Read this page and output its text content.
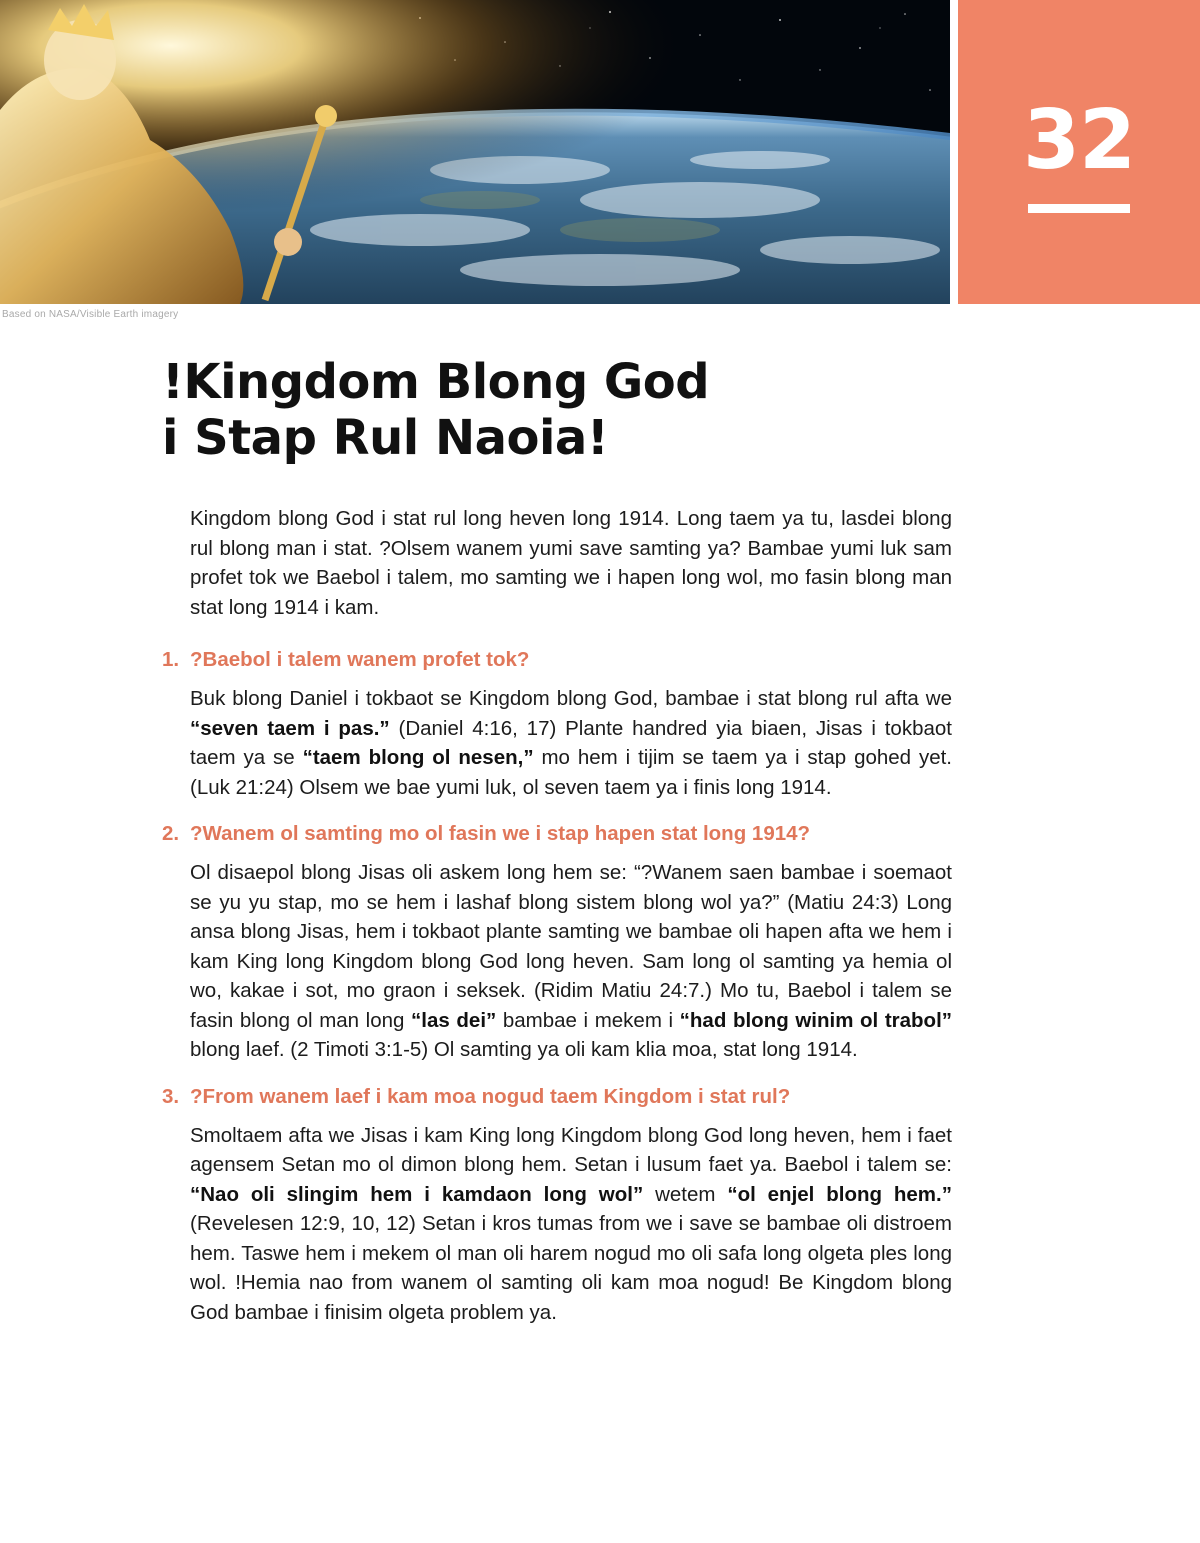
Based on NASA/Visible Earth imagery
32
!Kingdom Blong God
i Stap Rul Naoia!

Kingdom blong God i stat rul long heven long 1914. Long taem ya tu, lasdei blong rul blong man i stat. ?Olsem wanem yumi save samting ya? Bambae yumi luk sam profet tok we Baebol i talem, mo samting we i hapen long wol, mo fasin blong man stat long 1914 i kam.

1. ?Baebol i talem wanem profet tok?

Buk blong Daniel i tokbaot se Kingdom blong God, bambae i stat blong rul afta we “seven taem i pas.” (Daniel 4:16, 17) Plante handred yia biaen, Jisas i tokbaot taem ya se “taem blong ol nesen,” mo hem i tijim se taem ya i stap gohed yet. (Luk 21:24) Olsem we bae yumi luk, ol seven taem ya i finis long 1914.

2. ?Wanem ol samting mo ol fasin we i stap hapen stat long 1914?

Ol disaepol blong Jisas oli askem long hem se: “?Wanem saen bambae i soemaot se yu yu stap, mo se hem i lashaf blong sistem blong wol ya?” (Matiu 24:3) Long ansa blong Jisas, hem i tokbaot plante samting we bambae oli hapen afta we hem i kam King long Kingdom blong God long heven. Sam long ol samting ya hemia ol wo, kakae i sot, mo graon i seksek. (Ridim Matiu 24:7.) Mo tu, Baebol i talem se fasin blong ol man long “las dei” bambae i mekem i “had blong winim ol trabol” blong laef. (2 Timoti 3:1-5) Ol samting ya oli kam klia moa, stat long 1914.

3. ?From wanem laef i kam moa nogud taem Kingdom i stat rul?

Smoltaem afta we Jisas i kam King long Kingdom blong God long heven, hem i faet agensem Setan mo ol dimon blong hem. Setan i lusum faet ya. Baebol i talem se: “Nao oli slingim hem i kamdaon long wol” wetem “ol enjel blong hem.” (Revelesen 12:9, 10, 12) Setan i kros tumas from we i save se bambae oli distroem hem. Taswe hem i mekem ol man oli harem nogud mo oli safa long olgeta ples long wol. !Hemia nao from wanem ol samting oli kam moa nogud! Be Kingdom blong God bambae i finisim olgeta problem ya.
